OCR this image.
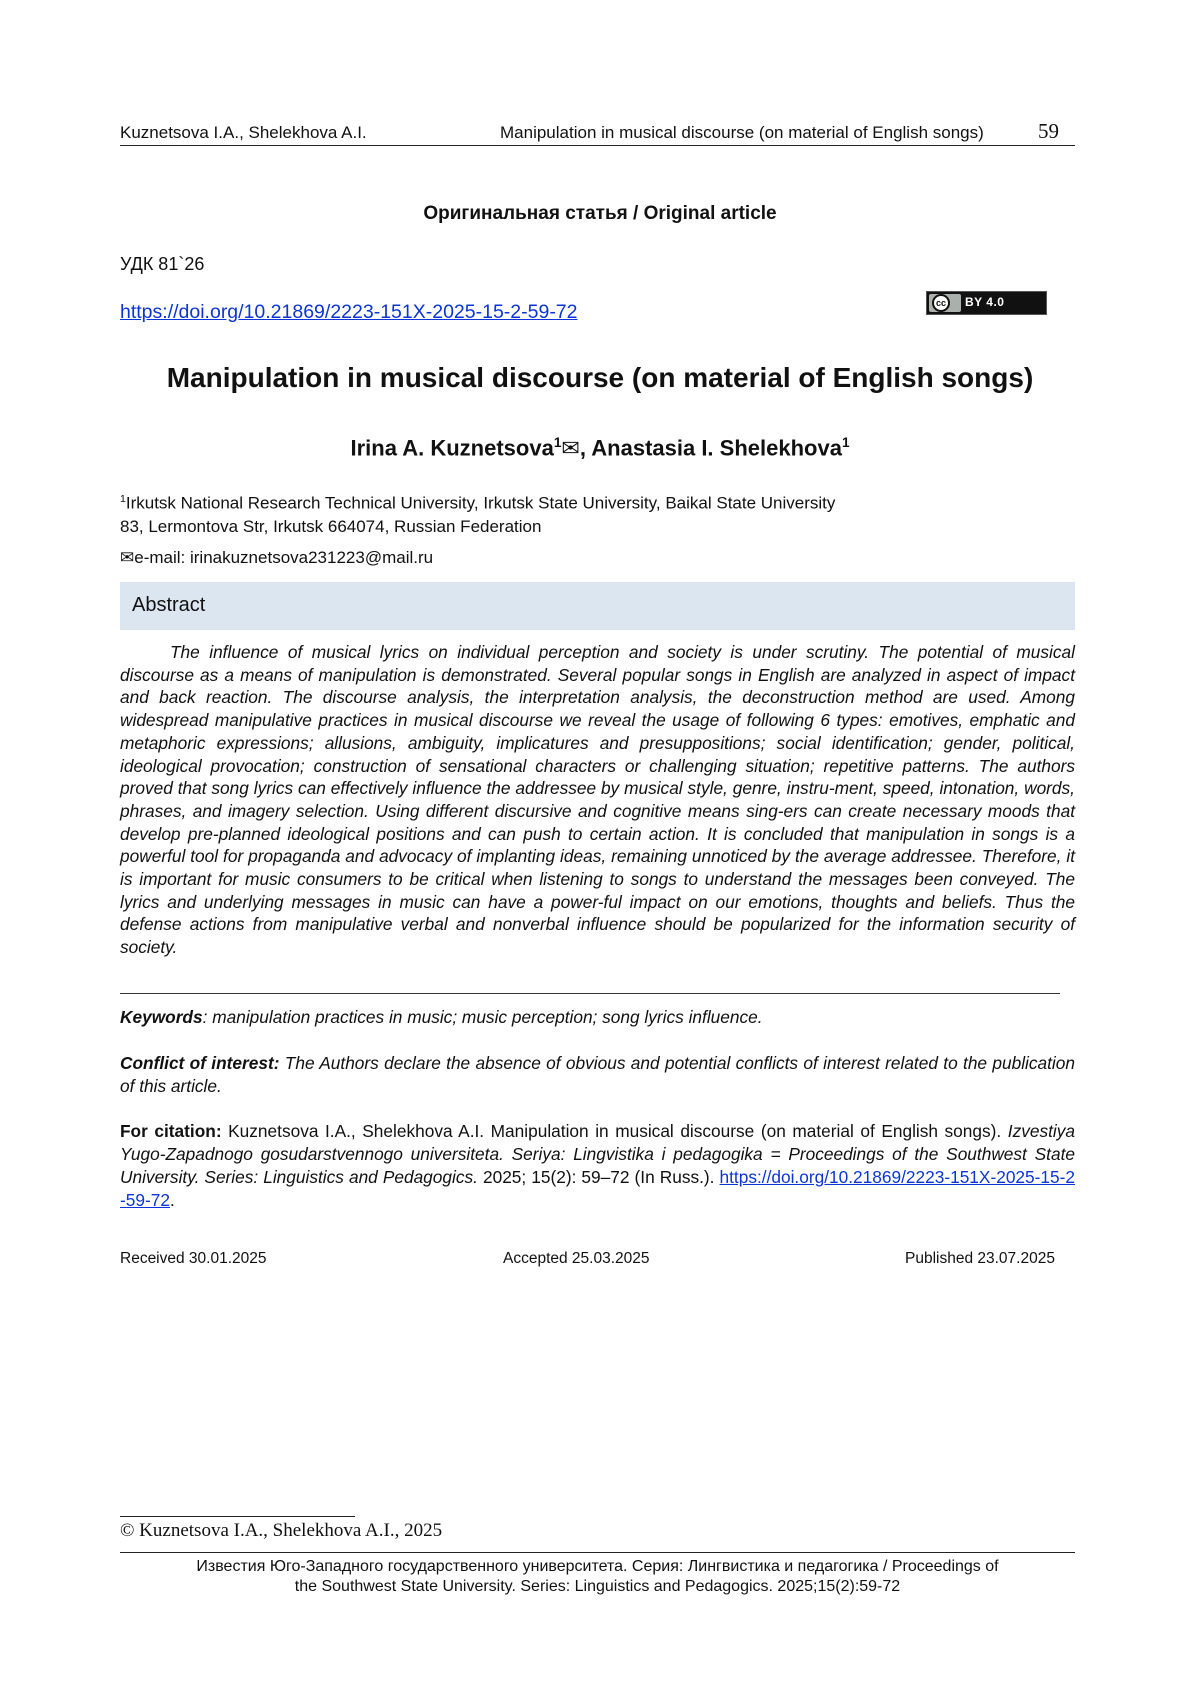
Kuznetsova I.A., Shelekhova A.I.	Manipulation in musical discourse (on material of English songs)	59
Оригинальная статья / Original article
УДК 81`26
https://doi.org/10.21869/2223-151X-2025-15-2-59-72	cc	BY 4.0
Manipulation in musical discourse (on material of English songs)
Irina A. Kuznetsova$^1$✉, Anastasia I. Shelekhova$^1$
$^1$Irkutsk National Research Technical University, Irkutsk State University, Baikal State University
83, Lermontova Str, Irkutsk 664074, Russian Federation
✉e-mail: irinakuznetsova231223@mail.ru
Abstract
The influence of musical lyrics on individual perception and society is under scrutiny. The potential of musical discourse as a means of manipulation is demonstrated. Several popular songs in English are analyzed in aspect of impact and back reaction. The discourse analysis, the interpretation analysis, the deconstruction method are used. Among widespread manipulative practices in musical discourse we reveal the usage of following 6 types: emotives, emphatic and metaphoric expressions; allusions, ambiguity, implicatures and presuppositions; social identification; gender, political, ideological provocation; construction of sensational characters or challenging situation; repetitive patterns. The authors proved that song lyrics can effectively influence the addressee by musical style, genre, instru-ment, speed, intonation, words, phrases, and imagery selection. Using different discursive and cognitive means sing-ers can create necessary moods that develop pre-planned ideological positions and can push to certain action. It is concluded that manipulation in songs is a powerful tool for propaganda and advocacy of implanting ideas, remaining unnoticed by the average addressee. Therefore, it is important for music consumers to be critical when listening to songs to understand the messages been conveyed. The lyrics and underlying messages in music can have a power-ful impact on our emotions, thoughts and beliefs. Thus the defense actions from manipulative verbal and nonverbal influence should be popularized for the information security of society.
Keywords: manipulation practices in music; music perception; song lyrics influence.
Conflict of interest: The Authors declare the absence of obvious and potential conflicts of interest related to the publication of this article.
For citation: Kuznetsova I.A., Shelekhova A.I. Manipulation in musical discourse (on material of English songs). Izvestiya Yugo-Zapadnogo gosudarstvennogo universiteta. Seriya: Lingvistika i pedagogika = Proceedings of the Southwest State University. Series: Linguistics and Pedagogics. 2025; 15(2): 59–72 (In Russ.). https://doi.org/10.21869/2223-151X-2025-15-2-59-72.
Received 30.01.2025	Accepted 25.03.2025	Published 23.07.2025
© Kuznetsova I.A., Shelekhova A.I., 2025
Известия Юго-Западного государственного университета. Серия: Лингвистика и педагогика / Proceedings of
the Southwest State University. Series: Linguistics and Pedagogics. 2025;15(2):59-72
